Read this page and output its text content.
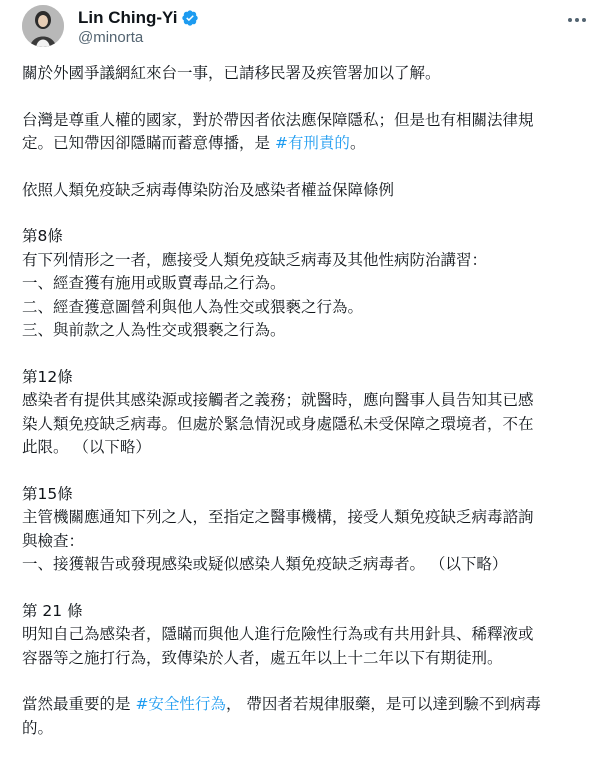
Lin Ching-Yi
@minorta
關於外國爭議網紅來台一事，已請移民署及疾管署加以了解。
台灣是尊重人權的國家，對於帶因者依法應保障隱私；但是也有相關法律規
定。已知帶因卻隱瞞而蓄意傳播，是 #有刑責的。
依照人類免疫缺乏病毒傳染防治及感染者權益保障條例
第8條
有下列情形之一者，應接受人類免疫缺乏病毒及其他性病防治講習：
一、經查獲有施用或販賣毒品之行為。
二、經查獲意圖營利與他人為性交或猥褻之行為。
三、與前款之人為性交或猥褻之行為。
第12條
感染者有提供其感染源或接觸者之義務；就醫時，應向醫事人員告知其已感
染人類免疫缺乏病毒。但處於緊急情況或身處隱私未受保障之環境者，不在
此限。 （以下略）
第15條
主管機關應通知下列之人，至指定之醫事機構，接受人類免疫缺乏病毒諮詢
與檢查：
一、接獲報告或發現感染或疑似感染人類免疫缺乏病毒者。 （以下略）
第 21 條
明知自己為感染者，隱瞞而與他人進行危險性行為或有共用針具、稀釋液或
容器等之施打行為，致傳染於人者，處五年以上十二年以下有期徒刑。
當然最重要的是 #安全性行為， 帶因者若規律服藥，是可以達到驗不到病毒
的。
